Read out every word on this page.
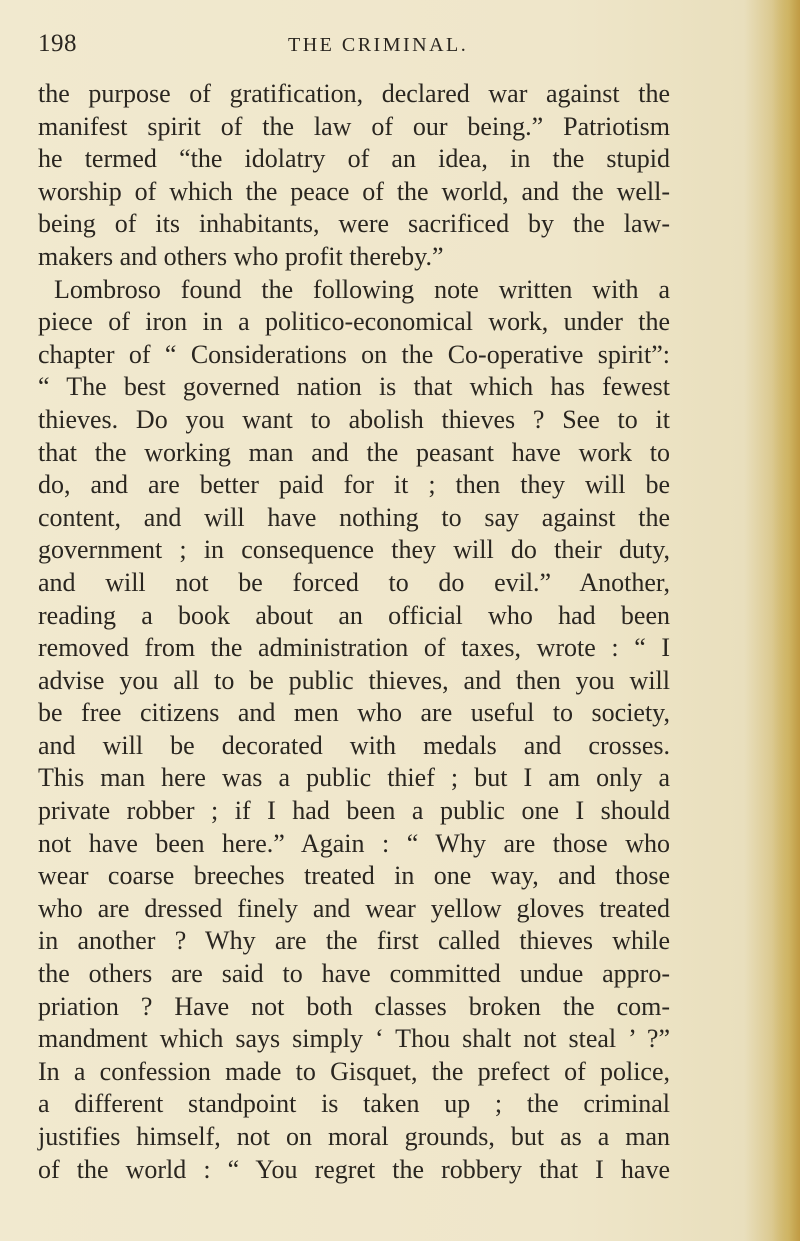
198	THE CRIMINAL.
the purpose of gratification, declared war against the
manifest spirit of the law of our being.” Patriotism
he termed “the idolatry of an idea, in the stupid
worship of which the peace of the world, and the well-
being of its inhabitants, were sacrificed by the law-
makers and others who profit thereby.”
Lombroso found the following note written with a
piece of iron in a politico-economical work, under the
chapter of “ Considerations on the Co-operative spirit”:
“ The best governed nation is that which has fewest
thieves. Do you want to abolish thieves ? See to it
that the working man and the peasant have work to
do, and are better paid for it ; then they will be
content, and will have nothing to say against the
government ; in consequence they will do their duty,
and will not be forced to do evil.” Another,
reading a book about an official who had been
removed from the administration of taxes, wrote : “ I
advise you all to be public thieves, and then you will
be free citizens and men who are useful to society,
and will be decorated with medals and crosses.
This man here was a public thief ; but I am only a
private robber ; if I had been a public one I should
not have been here.” Again : “ Why are those who
wear coarse breeches treated in one way, and those
who are dressed finely and wear yellow gloves treated
in another ? Why are the first called thieves while
the others are said to have committed undue appro-
priation ? Have not both classes broken the com-
mandment which says simply ‘ Thou shalt not steal ’ ?”
In a confession made to Gisquet, the prefect of police,
a different standpoint is taken up ; the criminal
justifies himself, not on moral grounds, but as a man
of the world : “ You regret the robbery that I have
